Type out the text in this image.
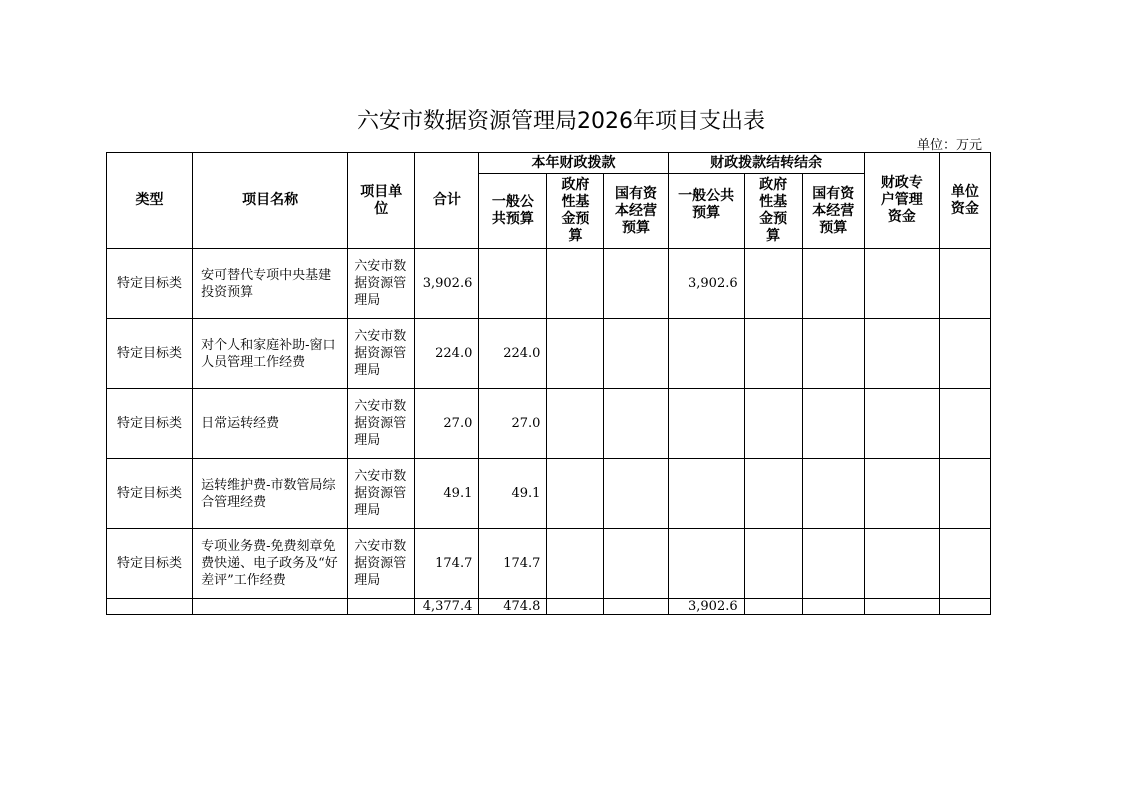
六安市数据资源管理局2026年项目支出表
单位：万元
类型	项目名称	项目单位	合计	本年财政拨款			财政拨款结转结余			财政专户管理资金	单位资金
				一般公共预算	政府性基金预算	国有资本经营预算	一般公共预算	政府性基金预算	国有资本经营预算		
特定目标类	安可替代专项中央基建投资预算	六安市数据资源管理局	3,902.6				3,902.6				
特定目标类	对个人和家庭补助-窗口人员管理工作经费	六安市数据资源管理局	224.0	224.0							
特定目标类	日常运转经费	六安市数据资源管理局	27.0	27.0							
特定目标类	运转维护费-市数管局综合管理经费	六安市数据资源管理局	49.1	49.1							
特定目标类	专项业务费-免费刻章免费快递、电子政务及“好差评”工作经费	六安市数据资源管理局	174.7	174.7							
			4,377.4	474.8			3,902.6				
